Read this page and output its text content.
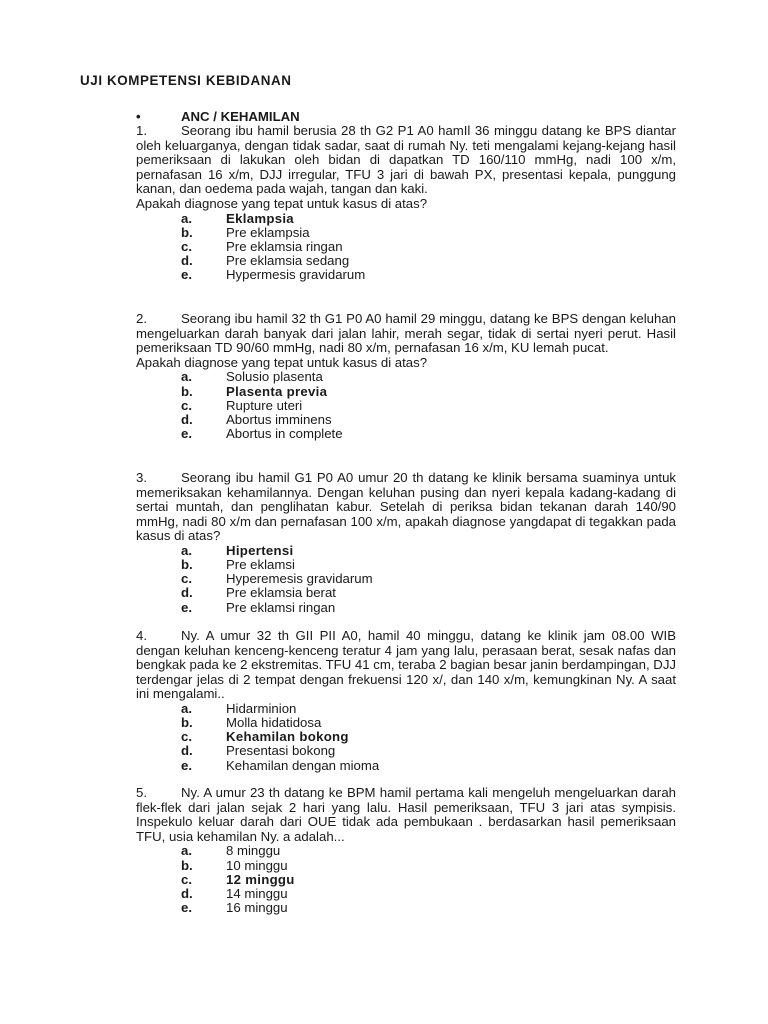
UJI KOMPETENSI KEBIDANAN
•	ANC / KEHAMILAN
1.	Seorang ibu hamil berusia 28 th G2 P1 A0 hamIl 36 minggu datang ke BPS diantar oleh keluarganya, dengan tidak sadar, saat di rumah Ny. teti mengalami kejang-kejang hasil pemeriksaan di lakukan oleh bidan di dapatkan TD 160/110 mmHg, nadi 100 x/m, pernafasan 16 x/m, DJJ irregular, TFU 3 jari di bawah PX, presentasi kepala, punggung kanan, dan oedema pada wajah, tangan dan kaki.
Apakah diagnose yang tepat untuk kasus di atas?
a.	Eklampsia
b.	Pre eklampsia
c.	Pre eklamsia ringan
d.	Pre eklamsia sedang
e.	Hypermesis gravidarum
2.	Seorang ibu hamil 32 th G1 P0 A0 hamil 29 minggu, datang ke BPS dengan keluhan mengeluarkan darah banyak dari jalan lahir, merah segar, tidak di sertai nyeri perut. Hasil pemeriksaan TD 90/60 mmHg, nadi 80 x/m, pernafasan 16 x/m, KU lemah pucat.
Apakah diagnose yang tepat untuk kasus di atas?
a.	Solusio plasenta
b.	Plasenta previa
c.	Rupture uteri
d.	Abortus imminens
e.	Abortus in complete
3.	Seorang ibu hamil G1 P0 A0 umur 20 th datang ke klinik bersama suaminya untuk memeriksakan kehamilannya. Dengan keluhan pusing dan nyeri kepala kadang-kadang di sertai muntah, dan penglihatan kabur. Setelah di periksa bidan tekanan darah 140/90 mmHg, nadi 80 x/m dan pernafasan 100 x/m, apakah diagnose yangdapat di tegakkan pada kasus di atas?
a.	Hipertensi
b.	Pre eklamsi
c.	Hyperemesis gravidarum
d.	Pre eklamsia berat
e.	Pre eklamsi ringan
4.	Ny. A umur 32 th GII PII A0, hamil 40 minggu, datang ke klinik jam 08.00 WIB dengan keluhan kenceng-kenceng teratur 4 jam yang lalu, perasaan berat, sesak nafas dan bengkak pada ke 2 ekstremitas. TFU 41 cm, teraba 2 bagian besar janin berdampingan, DJJ terdengar jelas di 2 tempat dengan frekuensi 120 x/, dan 140 x/m, kemungkinan Ny. A saat ini mengalami..
a.	Hidarminion
b.	Molla hidatidosa
c.	Kehamilan bokong
d.	Presentasi bokong
e.	Kehamilan dengan mioma
5.	Ny. A umur 23 th datang ke BPM hamil pertama kali mengeluh mengeluarkan darah flek-flek dari jalan sejak 2 hari yang lalu. Hasil pemeriksaan, TFU 3 jari atas sympisis. Inspekulo keluar darah dari OUE tidak ada pembukaan . berdasarkan hasil pemeriksaan TFU, usia kehamilan Ny. a adalah...
a.	8 minggu
b.	10 minggu
c.	12 minggu
d.	14 minggu
e.	16 minggu
